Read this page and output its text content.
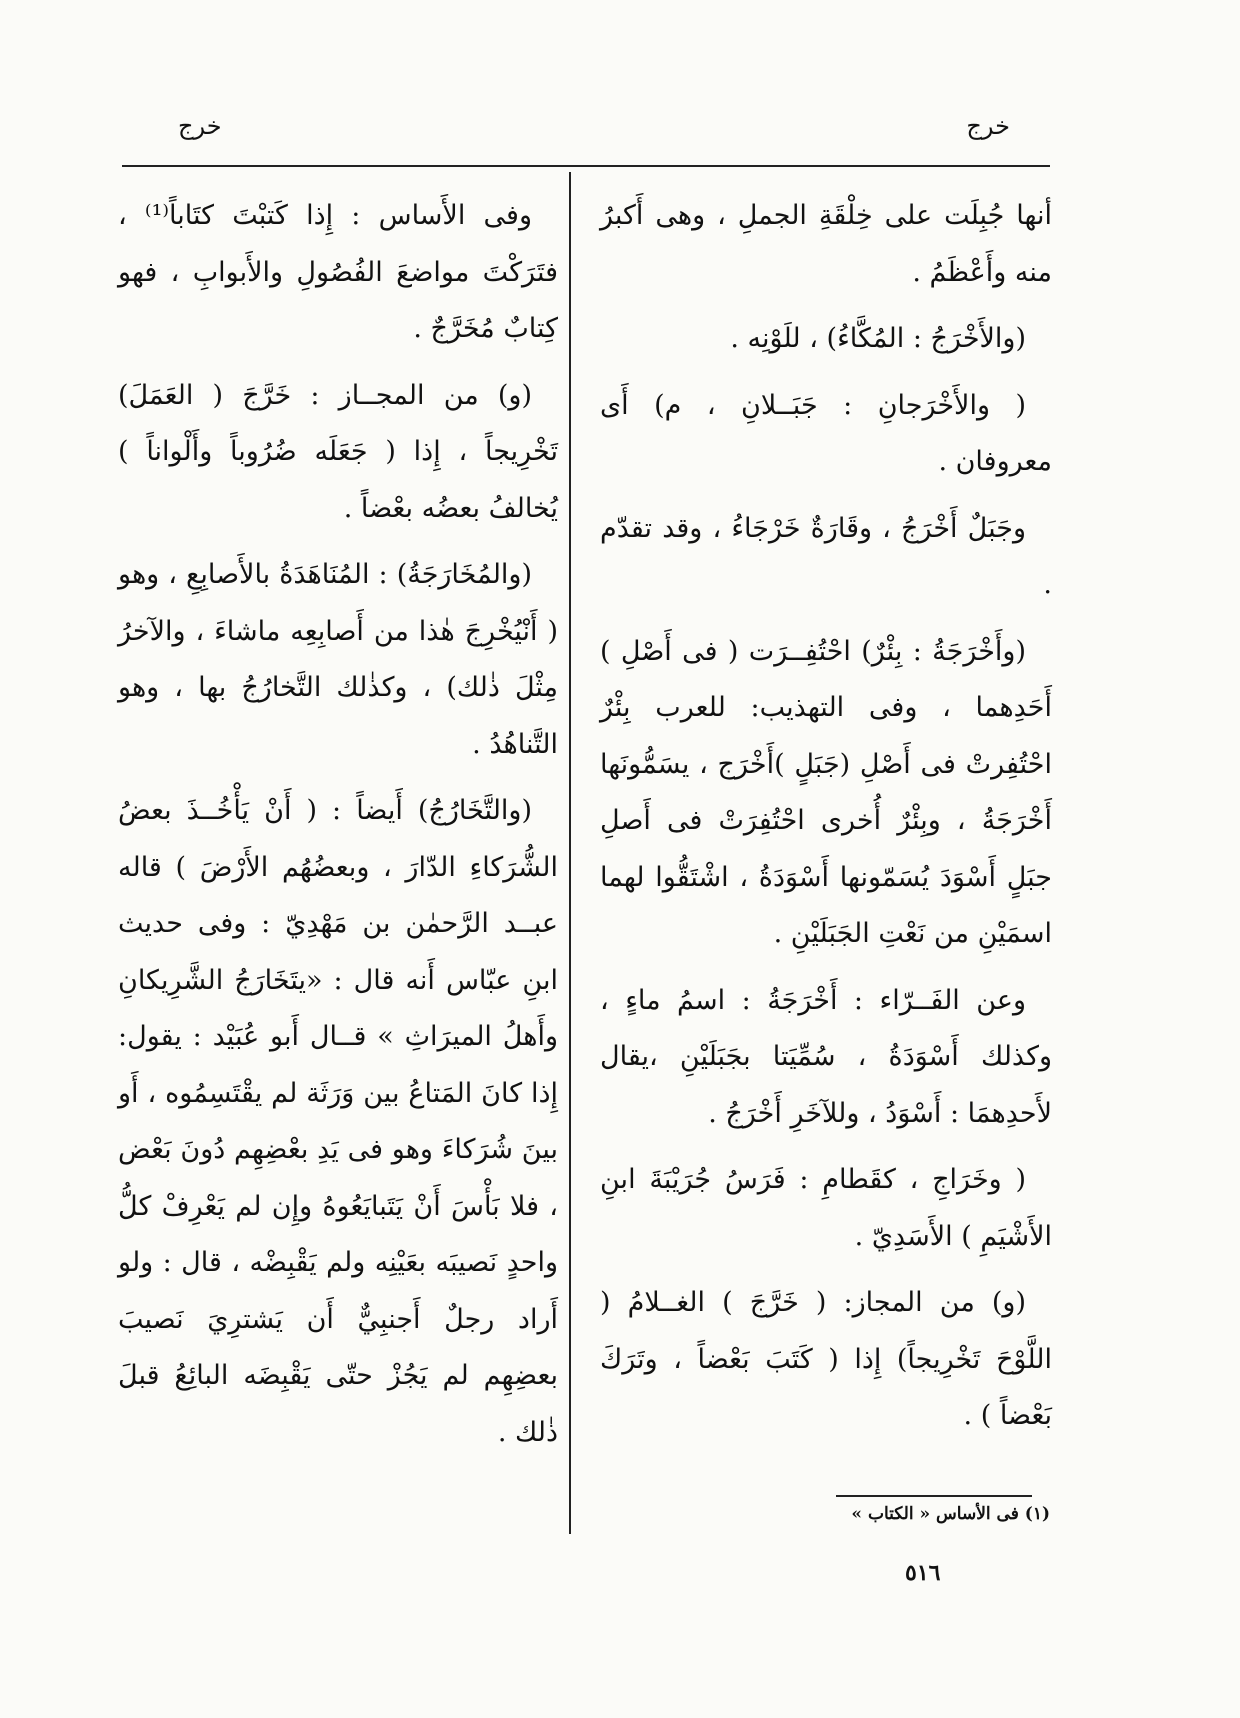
خرج
خرج

أنها جُبِلَت على خِلْقَةِ الجملِ ، وهى أَكبرُ منه وأَعْظَمُ .

(والأَخْرَجُ : المُكَّاءُ) ، للَوْنِه .

( والأَخْرَجانِ : جَبَــلانِ ، م) أَى معروفان .

وجَبَلٌ أَخْرَجُ ، وقَارَةٌ خَرْجَاءُ ، وقد تقدّم .

(وأَخْرَجَةُ : بِئْرٌ) احْتُفِــرَت ( فى أَصْلِ ) أَحَدِهما ، وفى التهذيب: للعرب بِئْرٌ احْتُفِرتْ فى أَصْلِ (جَبَلٍ )أَخْرَج ، يسَمُّونَها أَخْرَجَةُ ، وبِئْرٌ أُخرى احْتُفِرَتْ فى أَصلِ جبَلٍ أَسْوَدَ يُسَمّونها أَسْوَدَةُ ، اشْتَقُّوا لهما اسمَيْنِ من نَعْتِ الجَبَلَيْنِ .

وعن الفَــرّاء : أَخْرَجَةُ : اسمُ ماءٍ ، وكذلك أَسْوَدَةُ ، سُمِّيَتا بجَبَلَيْنِ ،يقال لأَحدِهمَا : أَسْوَدُ ، وللآخَرِ أَخْرَجُ .

( وخَرَاجِ ، كقَطامِ : فَرَسُ جُرَيْبَةَ ابنِ الأَشْيَمِ ) الأَسَدِيّ .

(و) من المجاز: ( خَرَّجَ ) الغــلامُ ( اللَّوْحَ تَخْرِيجاً) إِذا ( كَتَبَ بَعْضاً ، وتَرَكَ بَعْضاً ) .

وفى الأَساس : إِذا كَتبْتَ كتَاباً⁽¹⁾ ، فتَرَكْتَ مواضعَ الفُصُولِ والأَبوابِ ، فهو كِتابٌ مُخَرَّجٌ .

(و) من المجــاز : خَرَّجَ ( العَمَلَ) تَخْرِيجاً ، إِذا ( جَعَلَه ضُرُوباً وأَلْواناً ) يُخالفُ بعضُه بعْضاً .

(والمُخَارَجَةُ) : المُنَاهَدَةُ بالأَصابِعِ ، وهو ( أَنْيُخْرِجَ هٰذا من أَصابِعِه ماشاءَ ، والآخرُ مِثْلَ ذٰلك) ، وكذٰلك التَّخارُجُ بها ، وهو التَّناهُدُ .

(والتَّخَارُجُ) أَيضاً : ( أَنْ يَأْخُــذَ بعضُ الشُّرَكاءِ الدّارَ ، وبعضُهُم الأَرْضَ ) قاله عبــد الرَّحمٰن بن مَهْدِيّ : وفى حديث ابنِ عبّاس أَنه قال : «يتَخَارَجُ الشَّرِيكانِ وأَهلُ الميرَاثِ » قــال أَبو عُبَيْد : يقول: إِذا كانَ المَتاعُ بين وَرَثَة لم يقْتَسِمُوه ، أَو بينَ شُرَكاءَ وهو فى يَدِ بعْضِهِم دُونَ بَعْض ، فلا بَأْسَ أَنْ يَتَبايَعُوهُ وإِن لم يَعْرِفْ كلُّ واحدٍ نَصيبَه بعَيْنِه ولم يَقْبِضْه ، قال : ولو أَراد رجلٌ أَجنبِيٌّ أَن يَشترِيَ نَصيبَ بعضِهِم لم يَجُزْ حتّى يَقْبِضَه البائِعُ قبلَ ذٰلك .

(١) فى الأساس « الكتاب »
٥١٦
